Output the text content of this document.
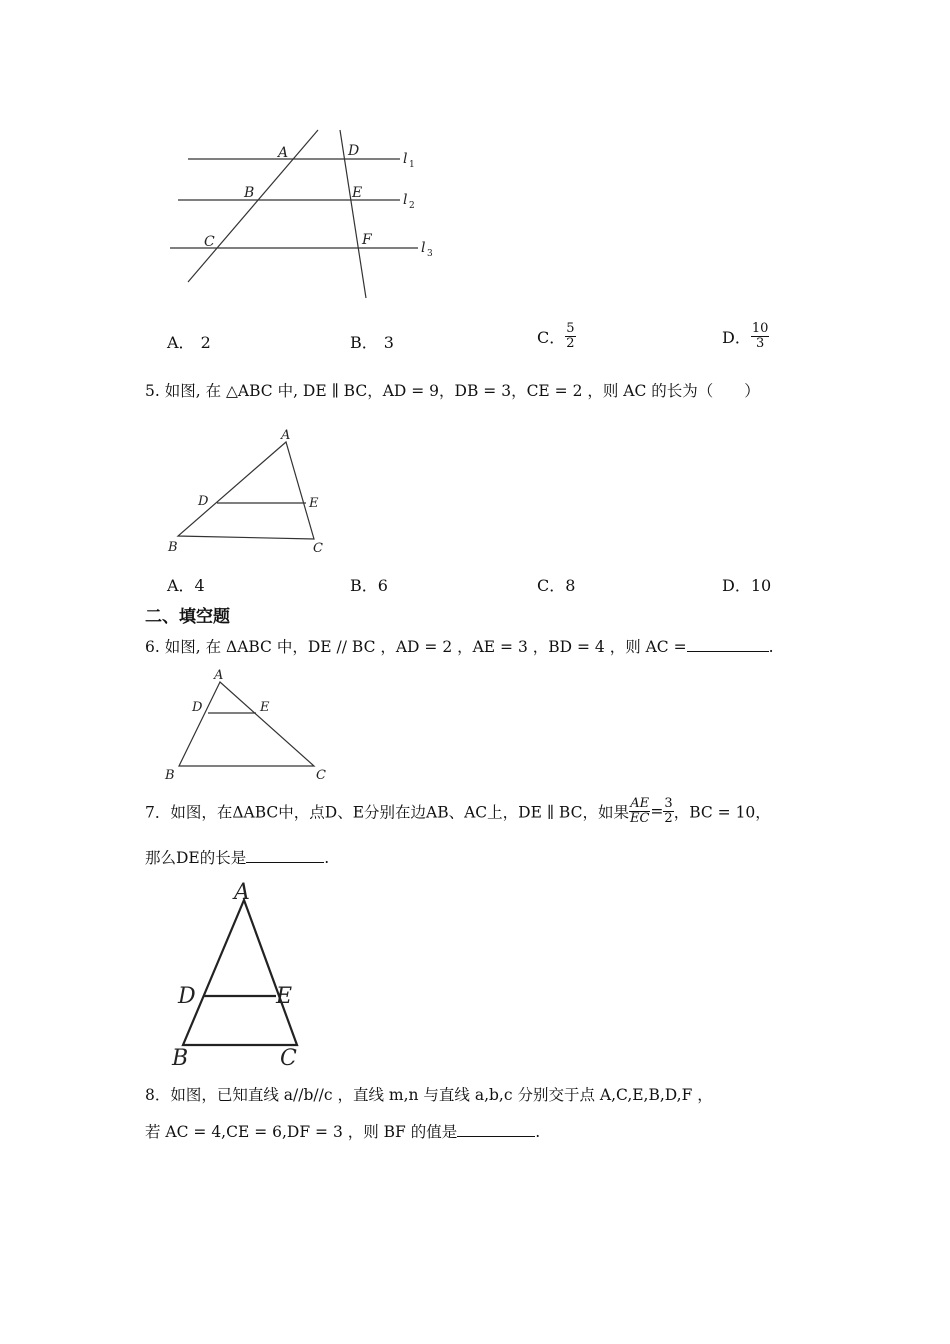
A	D
B	E
C	F
l 1
l 2
l 3
A． 2	B． 3	C． $\frac{5}{2}$	D． $\frac{10}{3}$
5. 如图, 在 △ABC 中, DE ∥ BC，AD = 9，DB = 3，CE = 2 ，则 AC 的长为（　　）
A
D	E
B	C
A．4	B．6	C．8	D．10
二、填空题
6. 如图, 在 ΔABC 中，DE // BC ，AD = 2 ，AE = 3 ，BD = 4 ，则 AC =	.
A
D	E
B	C
7．如图，在ΔABC中，点D、E分别在边AB、AC上，DE ∥ BC，如果 $\frac{AE}{EC} = \frac{3}{2}$ ，BC = 10，
那么DE的长是	.
A
D	E
B	C
8．如图，已知直线 a//b//c ，直线 m,n 与直线 a,b,c 分别交于点 A,C,E,B,D,F ，
若 AC = 4,CE = 6,DF = 3 ，则 BF 的值是	.
